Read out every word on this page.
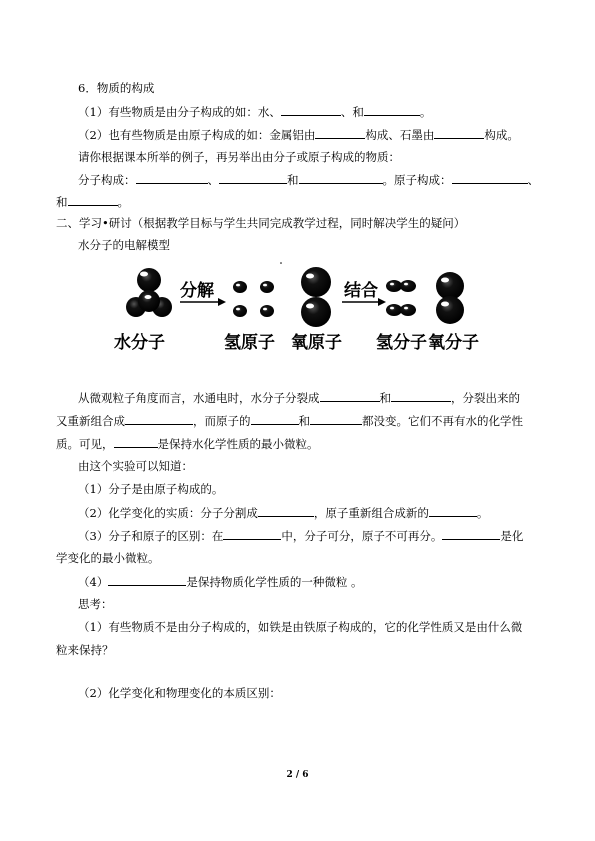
6．物质的构成
（1）有些物质是由分子构成的如：水、	、和	。
（2）也有些物质是由原子构成的如：金属铝由	构成、石墨由	构成。
请你根据课本所举的例子，再另举出由分子或原子构成的物质：
分子构成：	、	和	。原子构成：	、
和	。
二、学习•研讨（根据教学目标与学生共同完成教学过程，同时解决学生的疑问）
水分子的电解模型
分解	结合
水分子	氢原子 氧原子 氢分子 氧分子
从微观粒子角度而言，水通电时，水分子分裂成	和	，分裂出来的
又重新组合成	，而原子的	和	都没变。它们不再有水的化学性
质。可见，	是保持水化学性质的最小微粒。
由这个实验可以知道：
（1）分子是由原子构成的。
（2）化学变化的实质：分子分割成	，原子重新组合成新的	。
（3）分子和原子的区别：在	中，分子可分，原子不可再分。	是化
学变化的最小微粒。
（4）	是保持物质化学性质的一种微粒 。
思考：
（1）有些物质不是由分子构成的，如铁是由铁原子构成的，它的化学性质又是由什么微
粒来保持？
（2）化学变化和物理变化的本质区别：
2 / 6
